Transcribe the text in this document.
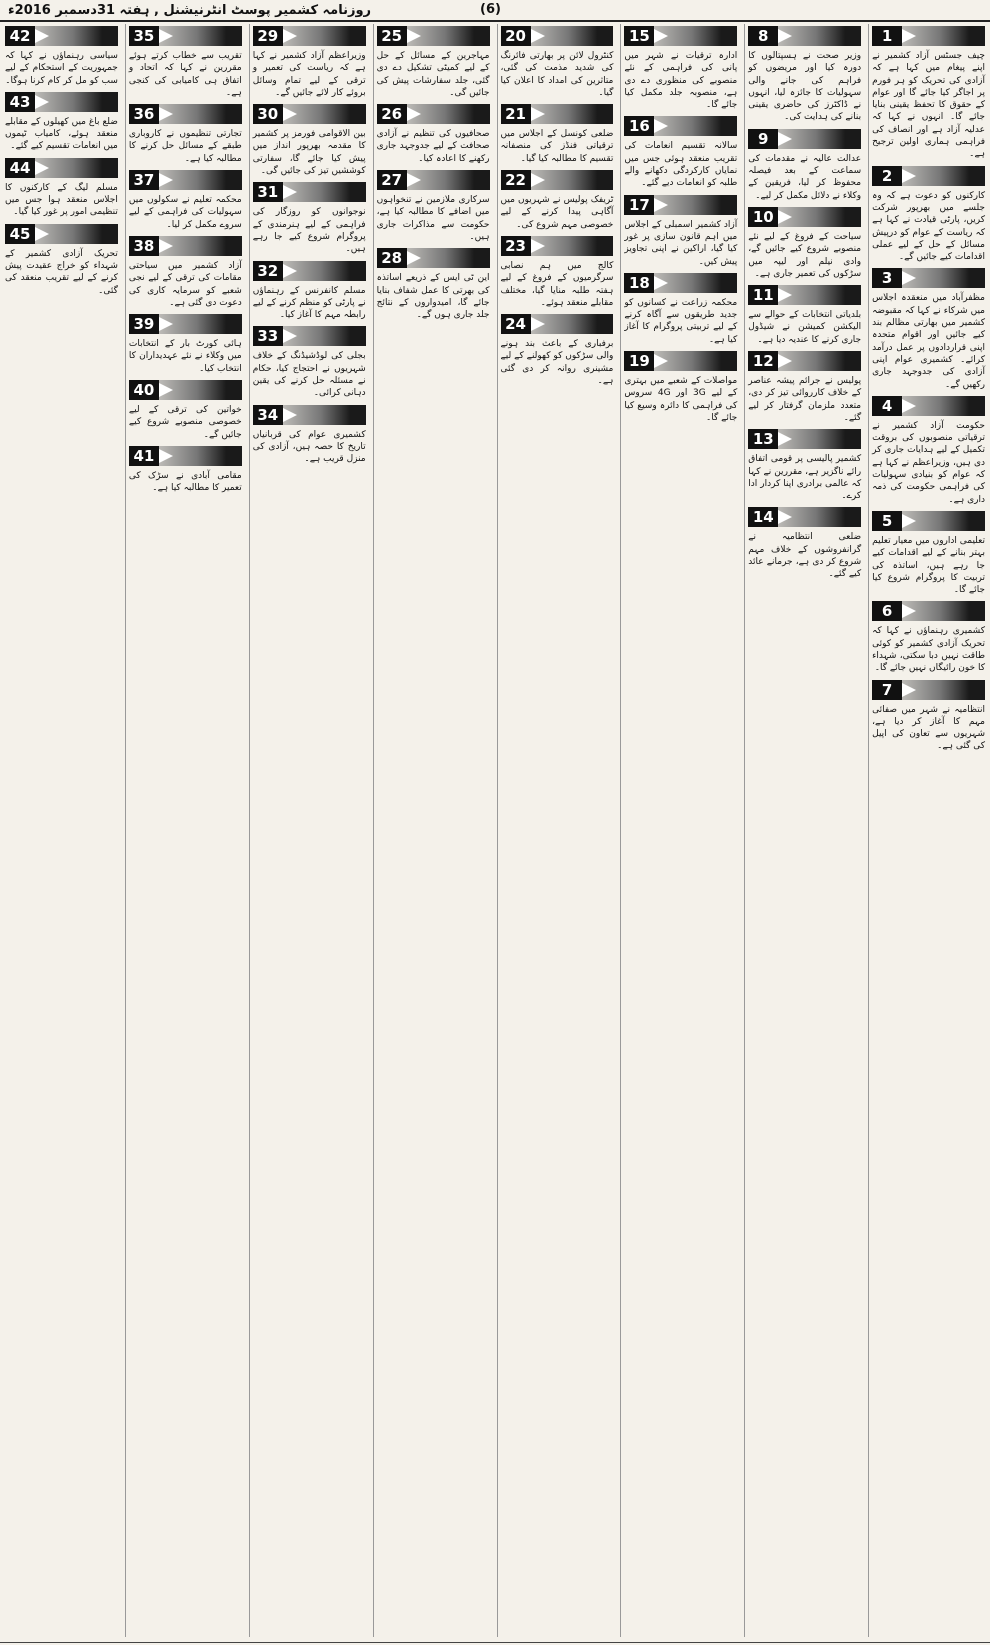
روزنامہ کشمیر پوسٹ انٹرنیشنل , ہفتہ 31دسمبر 2016ء	(6)
1

چیف جسٹس آزاد کشمیر نے اپنے پیغام میں کہا ہے کہ آزادی کی تحریک کو ہر فورم پر اجاگر کیا جائے گا اور عوام کے حقوق کا تحفظ یقینی بنایا جائے گا۔ انہوں نے کہا کہ عدلیہ آزاد ہے اور انصاف کی فراہمی ہماری اولین ترجیح ہے۔

2

کارکنوں کو دعوت ہے کہ وہ جلسے میں بھرپور شرکت کریں، پارٹی قیادت نے کہا ہے کہ ریاست کے عوام کو درپیش مسائل کے حل کے لیے عملی اقدامات کیے جائیں گے۔

3

مظفرآباد میں منعقدہ اجلاس میں شرکاء نے کہا کہ مقبوضہ کشمیر میں بھارتی مظالم بند کیے جائیں اور اقوام متحدہ اپنی قراردادوں پر عمل درآمد کرائے۔ کشمیری عوام اپنی آزادی کی جدوجہد جاری رکھیں گے۔

4

حکومت آزاد کشمیر نے ترقیاتی منصوبوں کی بروقت تکمیل کے لیے ہدایات جاری کر دی ہیں، وزیراعظم نے کہا ہے کہ عوام کو بنیادی سہولیات کی فراہمی حکومت کی ذمہ داری ہے۔

5

تعلیمی اداروں میں معیار تعلیم بہتر بنانے کے لیے اقدامات کیے جا رہے ہیں، اساتذہ کی تربیت کا پروگرام شروع کیا جائے گا۔

6

کشمیری رہنماؤں نے کہا کہ تحریک آزادی کشمیر کو کوئی طاقت نہیں دبا سکتی، شہداء کا خون رائیگاں نہیں جائے گا۔

7

انتظامیہ نے شہر میں صفائی مہم کا آغاز کر دیا ہے، شہریوں سے تعاون کی اپیل کی گئی ہے۔

8

وزیر صحت نے ہسپتالوں کا دورہ کیا اور مریضوں کو فراہم کی جانے والی سہولیات کا جائزہ لیا، انہوں نے ڈاکٹرز کی حاضری یقینی بنانے کی ہدایت کی۔

9

عدالت عالیہ نے مقدمات کی سماعت کے بعد فیصلہ محفوظ کر لیا، فریقین کے وکلاء نے دلائل مکمل کر لیے۔

10

سیاحت کے فروغ کے لیے نئے منصوبے شروع کیے جائیں گے، وادی نیلم اور لیپہ میں سڑکوں کی تعمیر جاری ہے۔

11

بلدیاتی انتخابات کے حوالے سے الیکشن کمیشن نے شیڈول جاری کرنے کا عندیہ دیا ہے۔

12

پولیس نے جرائم پیشہ عناصر کے خلاف کارروائی تیز کر دی، متعدد ملزمان گرفتار کر لیے گئے۔

13

کشمیر پالیسی پر قومی اتفاق رائے ناگزیر ہے، مقررین نے کہا کہ عالمی برادری اپنا کردار ادا کرے۔

14

ضلعی انتظامیہ نے گرانفروشوں کے خلاف مہم شروع کر دی ہے، جرمانے عائد کیے گئے۔

15

ادارہ ترقیات نے شہر میں پانی کی فراہمی کے نئے منصوبے کی منظوری دے دی ہے، منصوبہ جلد مکمل کیا جائے گا۔

16

سالانہ تقسیم انعامات کی تقریب منعقد ہوئی جس میں نمایاں کارکردگی دکھانے والے طلبہ کو انعامات دیے گئے۔

17

آزاد کشمیر اسمبلی کے اجلاس میں اہم قانون سازی پر غور کیا گیا، اراکین نے اپنی تجاویز پیش کیں۔

18

محکمہ زراعت نے کسانوں کو جدید طریقوں سے آگاہ کرنے کے لیے تربیتی پروگرام کا آغاز کیا ہے۔

19

مواصلات کے شعبے میں بہتری کے لیے 3G اور 4G سروس کی فراہمی کا دائرہ وسیع کیا جائے گا۔

20

کنٹرول لائن پر بھارتی فائرنگ کی شدید مذمت کی گئی، متاثرین کی امداد کا اعلان کیا گیا۔

21

ضلعی کونسل کے اجلاس میں ترقیاتی فنڈز کی منصفانہ تقسیم کا مطالبہ کیا گیا۔

22

ٹریفک پولیس نے شہریوں میں آگاہی پیدا کرنے کے لیے خصوصی مہم شروع کی۔

23

کالج میں ہم نصابی سرگرمیوں کے فروغ کے لیے ہفتہ طلبہ منایا گیا، مختلف مقابلے منعقد ہوئے۔

24

برفباری کے باعث بند ہونے والی سڑکوں کو کھولنے کے لیے مشینری روانہ کر دی گئی ہے۔

25

مہاجرین کے مسائل کے حل کے لیے کمیٹی تشکیل دے دی گئی، جلد سفارشات پیش کی جائیں گی۔

26

صحافیوں کی تنظیم نے آزادی صحافت کے لیے جدوجہد جاری رکھنے کا اعادہ کیا۔

27

سرکاری ملازمین نے تنخواہوں میں اضافے کا مطالبہ کیا ہے، حکومت سے مذاکرات جاری ہیں۔

28

این ٹی ایس کے ذریعے اساتذہ کی بھرتی کا عمل شفاف بنایا جائے گا، امیدواروں کے نتائج جلد جاری ہوں گے۔

29

وزیراعظم آزاد کشمیر نے کہا ہے کہ ریاست کی تعمیر و ترقی کے لیے تمام وسائل بروئے کار لائے جائیں گے۔

30

بین الاقوامی فورمز پر کشمیر کا مقدمہ بھرپور انداز میں پیش کیا جائے گا، سفارتی کوششیں تیز کی جائیں گی۔

31

نوجوانوں کو روزگار کی فراہمی کے لیے ہنرمندی کے پروگرام شروع کیے جا رہے ہیں۔

32

مسلم کانفرنس کے رہنماؤں نے پارٹی کو منظم کرنے کے لیے رابطہ مہم کا آغاز کیا۔

33

بجلی کی لوڈشیڈنگ کے خلاف شہریوں نے احتجاج کیا، حکام نے مسئلہ حل کرنے کی یقین دہانی کرائی۔

34

کشمیری عوام کی قربانیاں تاریخ کا حصہ ہیں، آزادی کی منزل قریب ہے۔

35

تقریب سے خطاب کرتے ہوئے مقررین نے کہا کہ اتحاد و اتفاق ہی کامیابی کی کنجی ہے۔

36

تجارتی تنظیموں نے کاروباری طبقے کے مسائل حل کرنے کا مطالبہ کیا ہے۔

37

محکمہ تعلیم نے سکولوں میں سہولیات کی فراہمی کے لیے سروے مکمل کر لیا۔

38

آزاد کشمیر میں سیاحتی مقامات کی ترقی کے لیے نجی شعبے کو سرمایہ کاری کی دعوت دی گئی ہے۔

39

ہائی کورٹ بار کے انتخابات میں وکلاء نے نئے عہدیداران کا انتخاب کیا۔

40

خواتین کی ترقی کے لیے خصوصی منصوبے شروع کیے جائیں گے۔

41

مقامی آبادی نے سڑک کی تعمیر کا مطالبہ کیا ہے۔

42

سیاسی رہنماؤں نے کہا کہ جمہوریت کے استحکام کے لیے سب کو مل کر کام کرنا ہوگا۔

43

ضلع باغ میں کھیلوں کے مقابلے منعقد ہوئے، کامیاب ٹیموں میں انعامات تقسیم کیے گئے۔

44

مسلم لیگ کے کارکنوں کا اجلاس منعقد ہوا جس میں تنظیمی امور پر غور کیا گیا۔

45

تحریک آزادی کشمیر کے شہداء کو خراج عقیدت پیش کرنے کے لیے تقریب منعقد کی گئی۔
